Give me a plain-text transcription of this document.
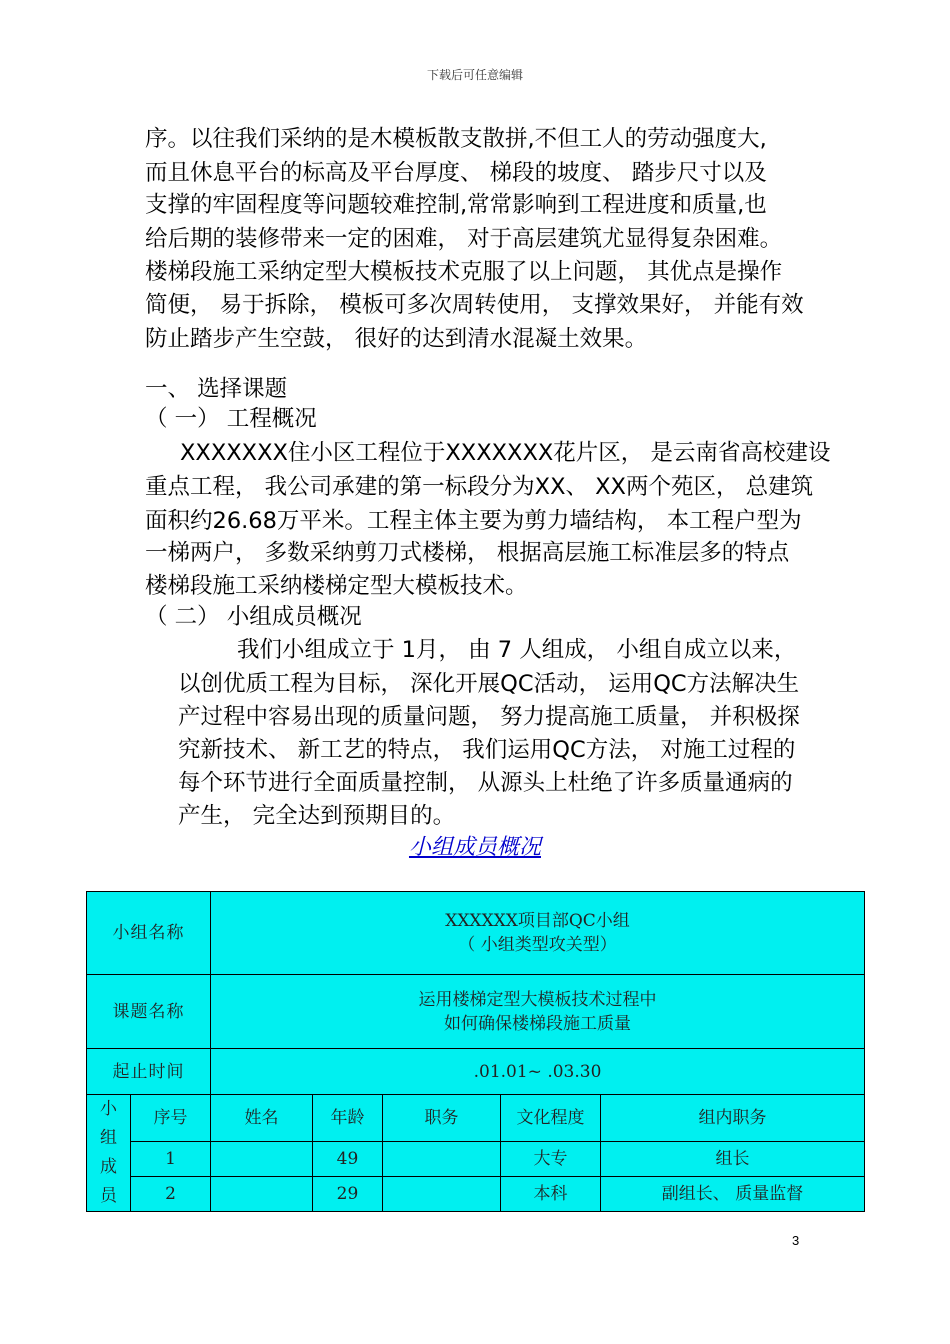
下载后可任意编辑
序。以往我们采纳的是木模板散支散拼,不但工人的劳动强度大,
而且休息平台的标高及平台厚度、 梯段的坡度、 踏步尺寸以及
支撑的牢固程度等问题较难控制,常常影响到工程进度和质量,也
给后期的装修带来一定的困难， 对于高层建筑尤显得复杂困难。
楼梯段施工采纳定型大模板技术克服了以上问题， 其优点是操作
简便， 易于拆除， 模板可多次周转使用， 支撑效果好， 并能有效
防止踏步产生空鼓， 很好的达到清水混凝土效果。
一、 选择课题
（ 一） 工程概况
XXXXXXX住小区工程位于XXXXXXX花片区， 是云南省高校建设
重点工程， 我公司承建的第一标段分为XX、 XX两个苑区， 总建筑
面积约26.68万平米。工程主体主要为剪力墙结构， 本工程户型为
一梯两户， 多数采纳剪刀式楼梯， 根据高层施工标准层多的特点
楼梯段施工采纳楼梯定型大模板技术。
（ 二） 小组成员概况
我们小组成立于 1月， 由 7 人组成， 小组自成立以来，
以创优质工程为目标， 深化开展QC活动， 运用QC方法解决生
产过程中容易出现的质量问题， 努力提高施工质量， 并积极探
究新技术、 新工艺的特点， 我们运用QC方法， 对施工过程的
每个环节进行全面质量控制， 从源头上杜绝了许多质量通病的
产生， 完全达到预期目的。
小组成员概况
小组名称		XXXXXX项目部QC小组
（ 小组类型攻关型）				

课题名称		运用楼梯定型大模板技术过程中
如何确保楼梯段施工质量				

起止时间		.01.01~ .03.30				

小
组
成
员	序号	姓名	年龄	职务	文化程度	组内职务
	1		49		大专	组长
	2		29		本科	副组长、 质量监督
3
